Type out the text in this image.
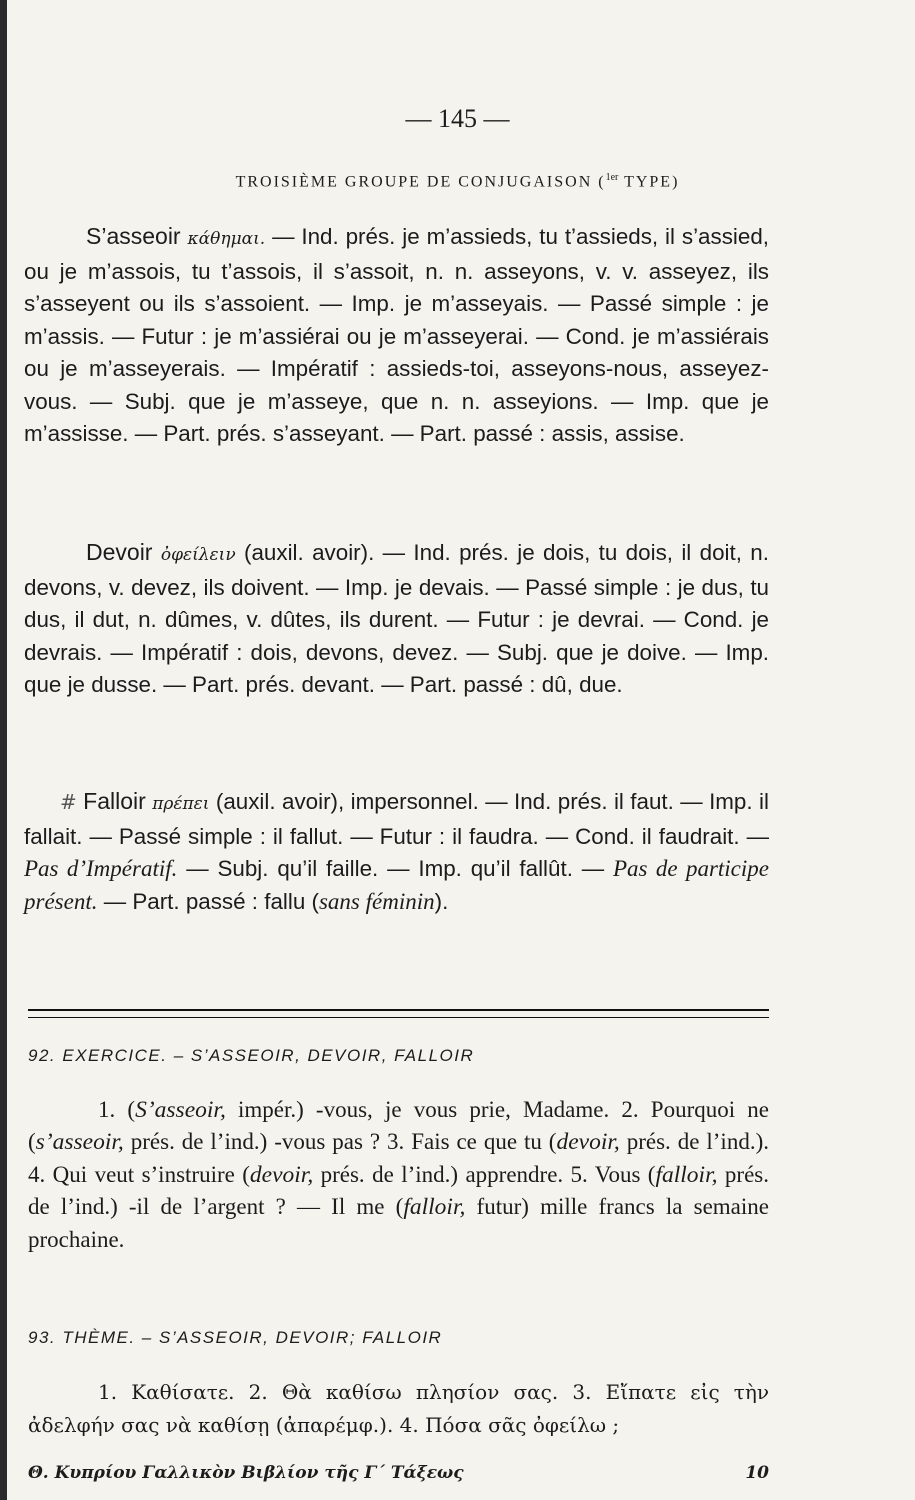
— 145 —
TROISIÈME GROUPE DE CONJUGAISON ($^{1er}$ TYPE)

S’asseoir κάθημαι. — Ind. prés. je m’assieds, tu t’assieds, il s’assied, ou je m’assois, tu t’assois, il s’assoit, n. n. asseyons, v. v. asseyez, ils s’asseyent ou ils s’assoient. — Imp. je m’asseyais. — Passé simple : je m’assis. — Futur : je m’assiérai ou je m’asseyerai. — Cond. je m’assiérais ou je m’asseyerais. — Impératif : assieds-toi, asseyons-nous, asseyez-vous. — Subj. que je m’asseye, que n. n. asseyions. — Imp. que je m’assisse. — Part. prés. s’asseyant. — Part. passé : assis, assise.

Devoir ὀφείλειν (auxil. avoir). — Ind. prés. je dois, tu dois, il doit, n. devons, v. devez, ils doivent. — Imp. je devais. — Passé simple : je dus, tu dus, il dut, n. dûmes, v. dûtes, ils durent. — Futur : je devrai. — Cond. je devrais. — Impératif : dois, devons, devez. — Subj. que je doive. — Imp. que je dusse. — Part. prés. devant. — Part. passé : dû, due.

# Falloir πρέπει (auxil. avoir), impersonnel. — Ind. prés. il faut. — Imp. il fallait. — Passé simple : il fallut. — Futur : il faudra. — Cond. il faudrait. — Pas d’Impératif. — Subj. qu’il faille. — Imp. qu’il fallût. — Pas de participe présent. — Part. passé : fallu (sans féminin).

92. EXERCICE. – S’ASSEOIR, DEVOIR, FALLOIR

1. (S’asseoir, impér.) -vous, je vous prie, Madame. 2. Pourquoi ne (s’asseoir, prés. de l’ind.) -vous pas ? 3. Fais ce que tu (devoir, prés. de l’ind.). 4. Qui veut s’instruire (devoir, prés. de l’ind.) apprendre. 5. Vous (falloir, prés. de l’ind.) -il de l’argent ? — Il me (falloir, futur) mille francs la semaine prochaine.

93. THÈME. – S’ASSEOIR, DEVOIR; FALLOIR

1. Καθίσατε. 2. Θὰ καθίσω πλησίον σας. 3. Εἴπατε εἰς τὴν ἀδελφήν σας νὰ καθίσῃ (ἀπαρέμφ.). 4. Πόσα σᾶς ὀφείλω ;

Θ. Κυπρίου Γαλλικὸν Βιβλίον τῆς Γ΄ Τάξεως	10
